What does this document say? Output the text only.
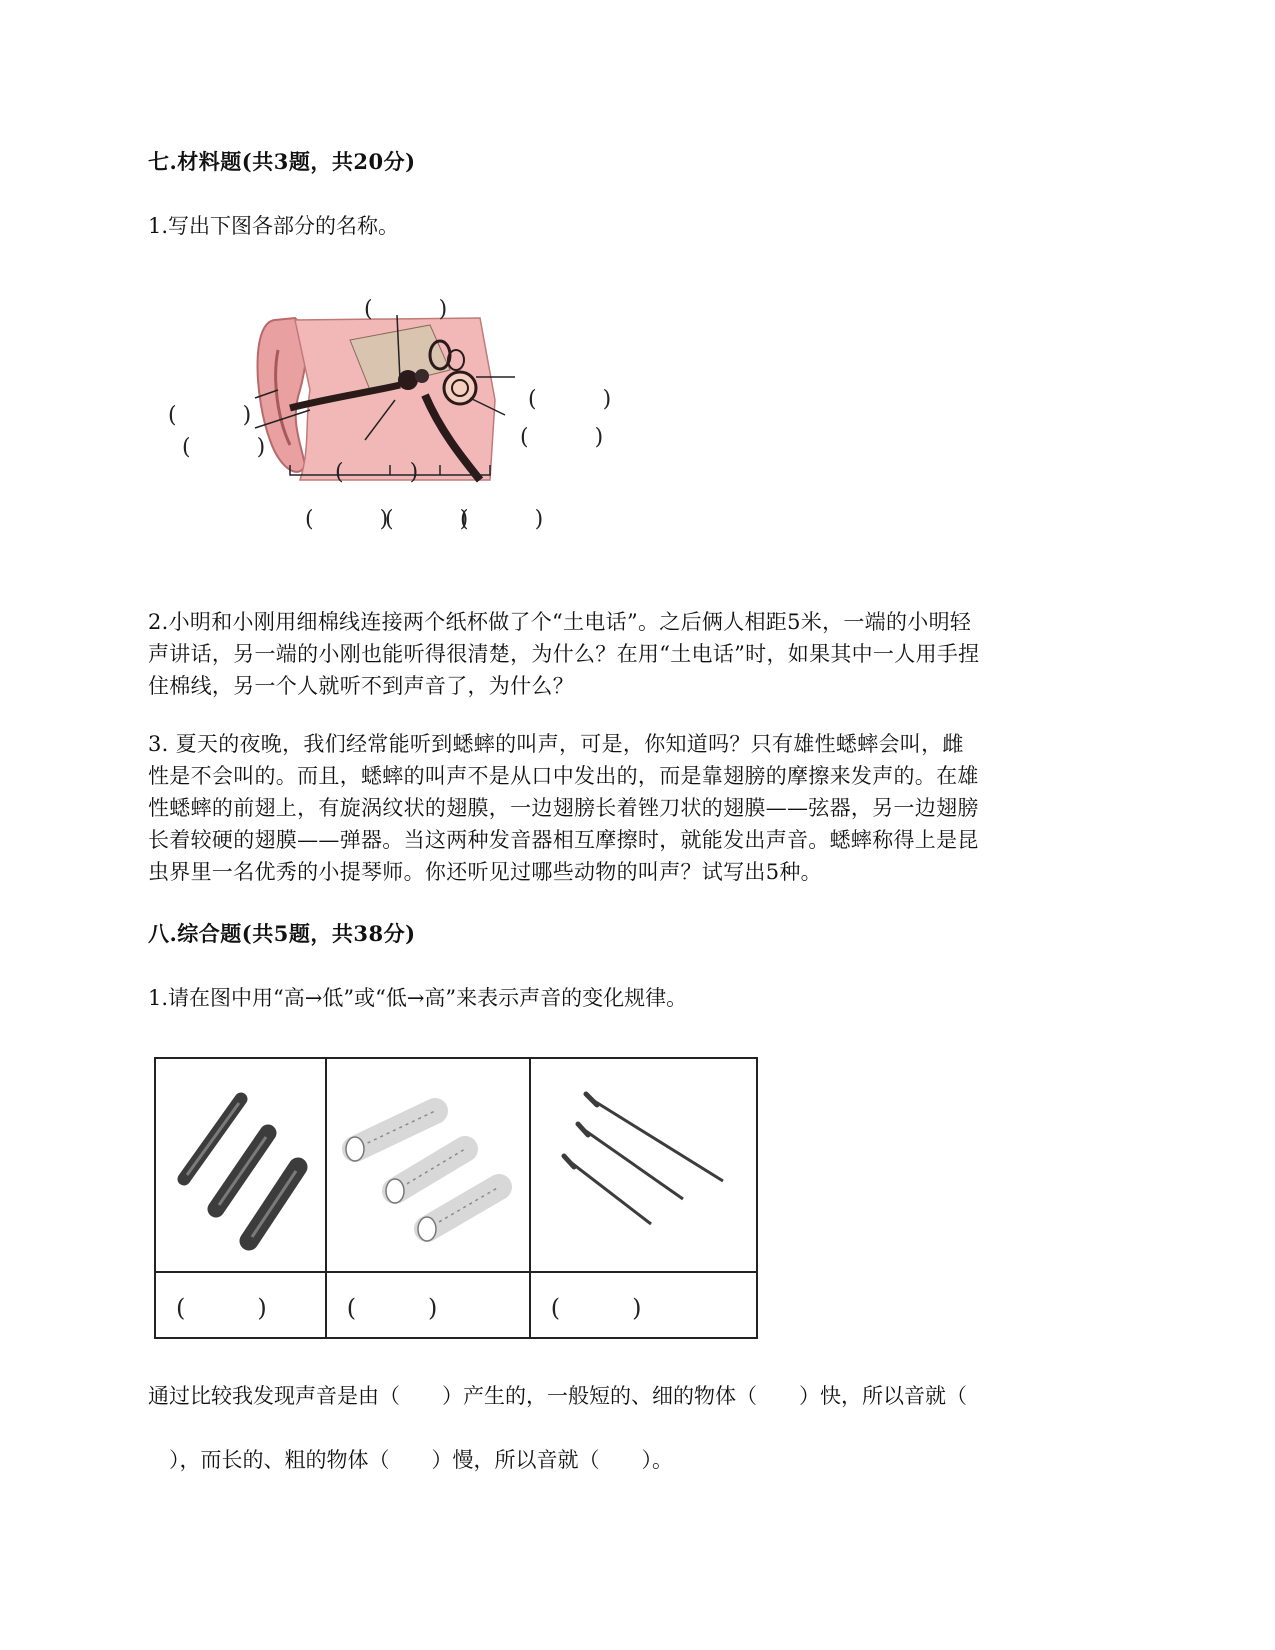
七.材料题(共3题，共20分)
1.写出下图各部分的名称。
(　　　)
(　　　)
(　　　)
(　　　)
(　　　)
(　　　)
(　　　)
(　　　)
(　　　)
2.小明和小刚用细棉线连接两个纸杯做了个“土电话”。之后俩人相距5米，一端的小明轻
声讲话，另一端的小刚也能听得很清楚，为什么？在用“土电话”时，如果其中一人用手捏
住棉线，另一个人就听不到声音了，为什么？
3. 夏天的夜晚，我们经常能听到蟋蟀的叫声，可是，你知道吗？只有雄性蟋蟀会叫，雌
性是不会叫的。而且，蟋蟀的叫声不是从口中发出的，而是靠翅膀的摩擦来发声的。在雄
性蟋蟀的前翅上，有旋涡纹状的翅膜，一边翅膀长着锉刀状的翅膜——弦器，另一边翅膀
长着较硬的翅膜——弹器。当这两种发音器相互摩擦时，就能发出声音。蟋蟀称得上是昆
虫界里一名优秀的小提琴师。你还听见过哪些动物的叫声？试写出5种。
八.综合题(共5题，共38分)
1.请在图中用“高→低”或“低→高”来表示声音的变化规律。

(　　　)	(　　　)	(　　　)
通过比较我发现声音是由（　　）产生的，一般短的、细的物体（　　）快，所以音就（
　），而长的、粗的物体（　　）慢，所以音就（　　）。
